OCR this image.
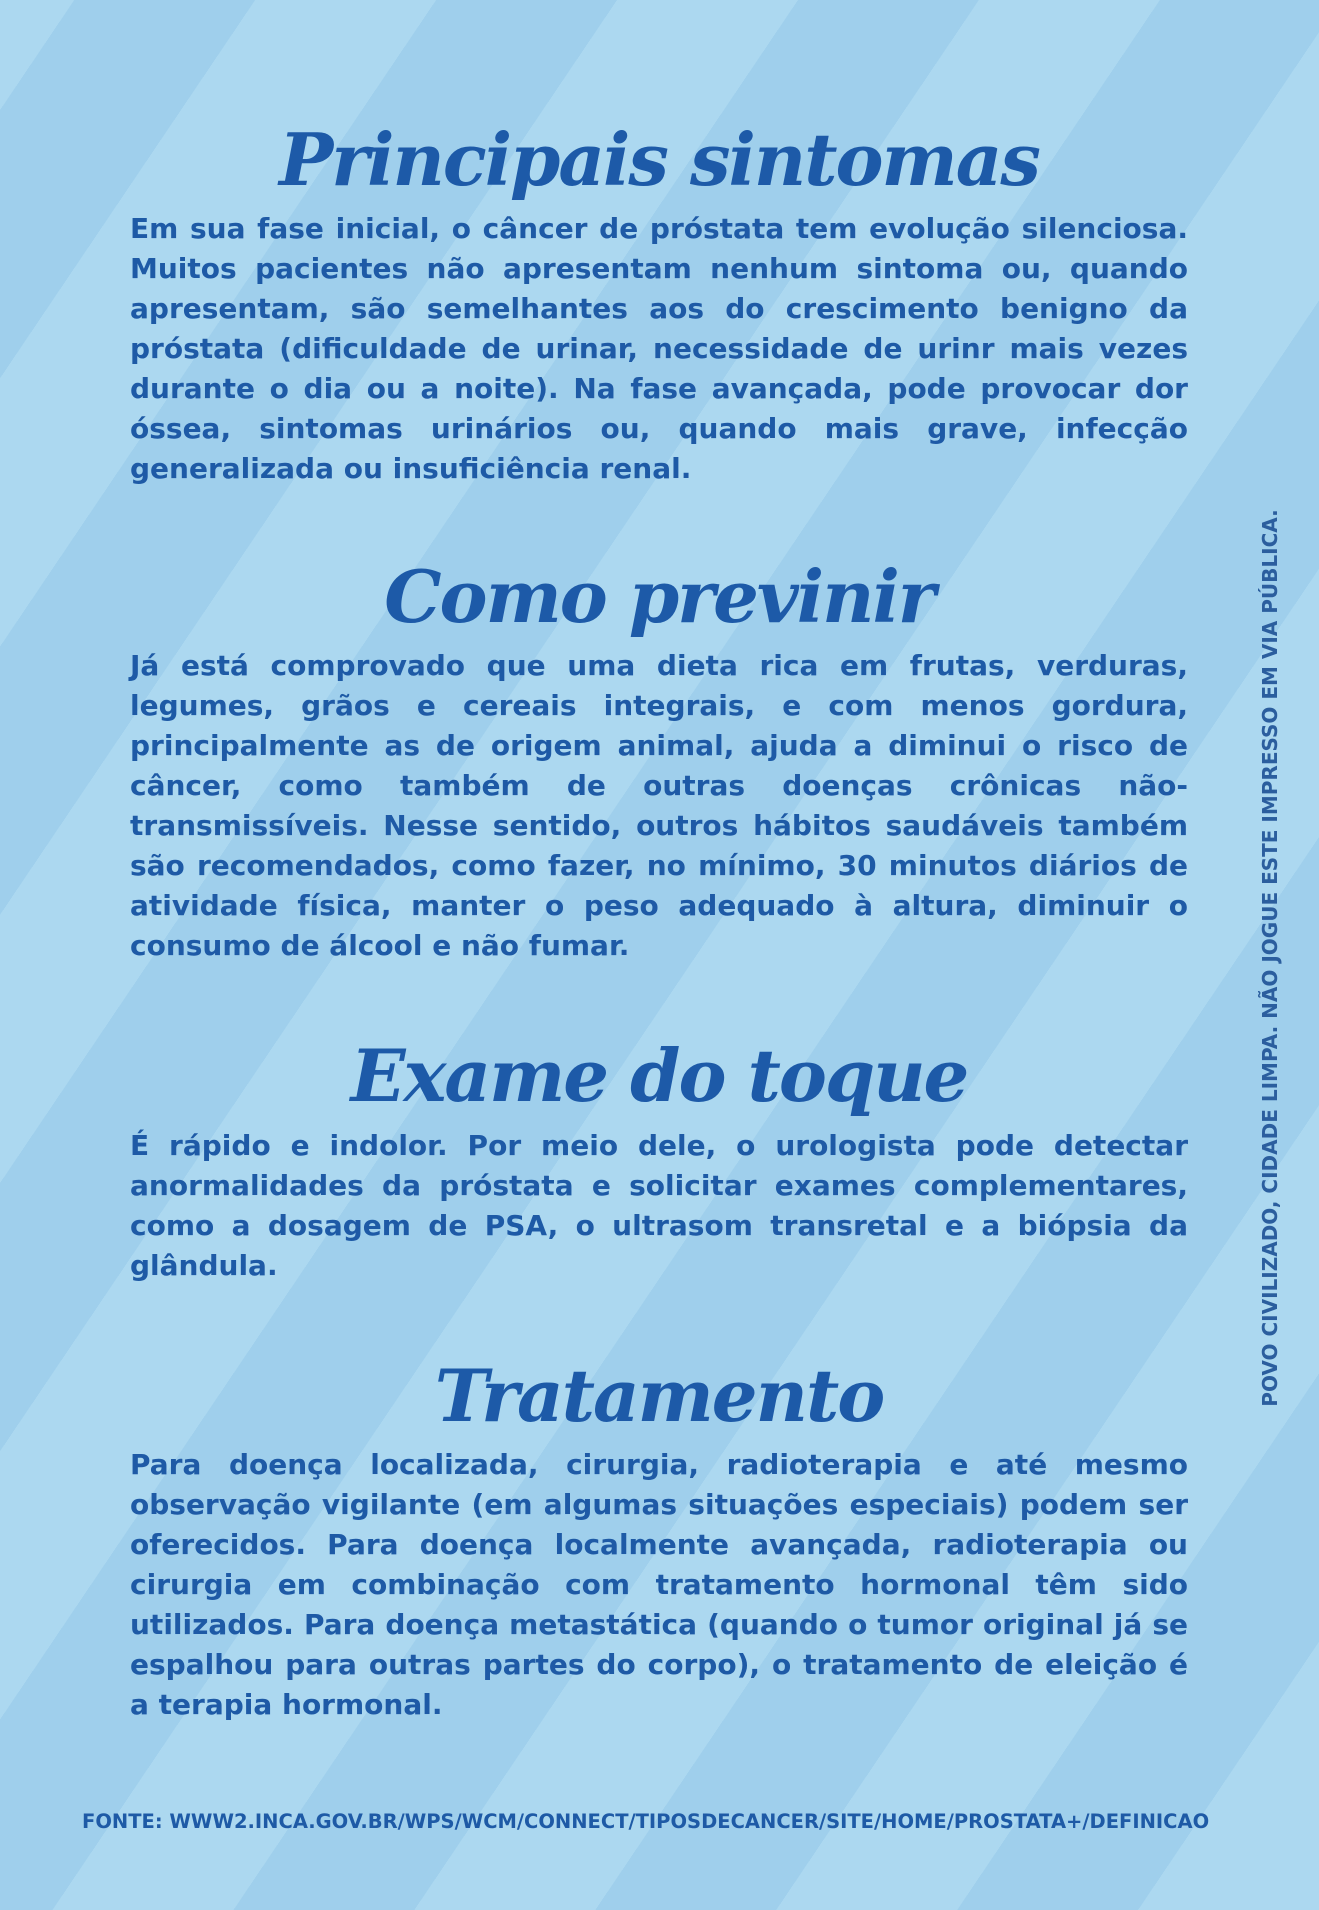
Principais sintomas

Em sua fase inicial, o câncer de próstata tem evolução silenciosa. Muitos pacientes não apresentam nenhum sintoma ou, quando apresentam, são semelhantes aos do crescimento benigno da próstata (dificuldade de urinar, necessidade de urinr mais vezes durante o dia ou a noite). Na fase avançada, pode provocar dor óssea, sintomas urinários ou, quando mais grave, infecção generalizada ou insuficiência renal.

Como previnir

Já está comprovado que uma dieta rica em frutas, verduras, legumes, grãos e cereais integrais, e com menos gordura, principalmente as de origem animal, ajuda a diminui o risco de câncer, como também de outras doenças crônicas não-transmissíveis. Nesse sentido, outros hábitos saudáveis também são recomendados, como fazer, no mínimo, 30 minutos diários de atividade física, manter o peso adequado à altura, diminuir o consumo de álcool e não fumar.

Exame do toque

É rápido e indolor. Por meio dele, o urologista pode detectar anormalidades da próstata e solicitar exames complementares, como a dosagem de PSA, o ultrasom transretal e a biópsia da glândula.

Tratamento

Para doença localizada, cirurgia, radioterapia e até mesmo observação vigilante (em algumas situações especiais) podem ser oferecidos. Para doença localmente avançada, radioterapia ou cirurgia em combinação com tratamento hormonal têm sido utilizados. Para doença metastática (quando o tumor original já se espalhou para outras partes do corpo), o tratamento de eleição é a terapia hormonal.

FONTE: WWW2.INCA.GOV.BR/WPS/WCM/CONNECT/TIPOSDECANCER/SITE/HOME/PROSTATA+/DEFINICAO
POVO CIVILIZADO, CIDADE LIMPA. NÃO JOGUE ESTE IMPRESSO EM VIA PÚBLICA.
